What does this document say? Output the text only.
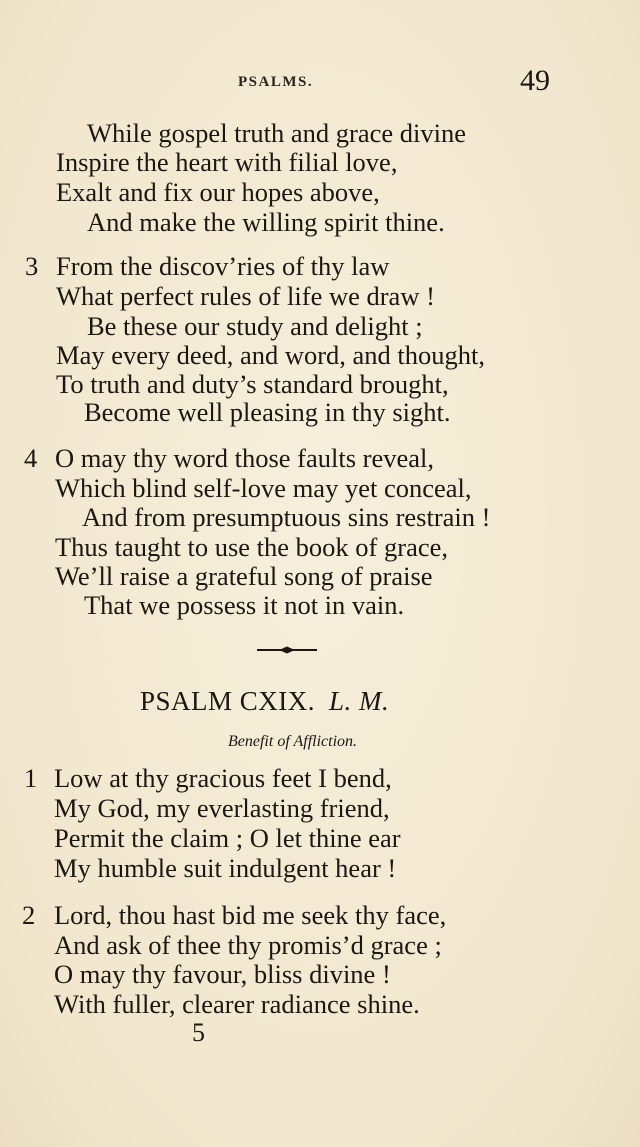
PSALMS.	49
While gospel truth and grace divine
Inspire the heart with filial love,
Exalt and fix our hopes above,
And make the willing spirit thine.
3 From the discov’ries of thy law
What perfect rules of life we draw !
Be these our study and delight ;
May every deed, and word, and thought,
To truth and duty’s standard brought,
Become well pleasing in thy sight.
4 O may thy word those faults reveal,
Which blind self-love may yet conceal,
And from presumptuous sins restrain !
Thus taught to use the book of grace,
We’ll raise a grateful song of praise
That we possess it not in vain.
PSALM CXIX. L. M.
Benefit of Affliction.
1 Low at thy gracious feet I bend,
My God, my everlasting friend,
Permit the claim ; O let thine ear
My humble suit indulgent hear !
2 Lord, thou hast bid me seek thy face,
And ask of thee thy promis’d grace ;
O may thy favour, bliss divine !
With fuller, clearer radiance shine.
5
